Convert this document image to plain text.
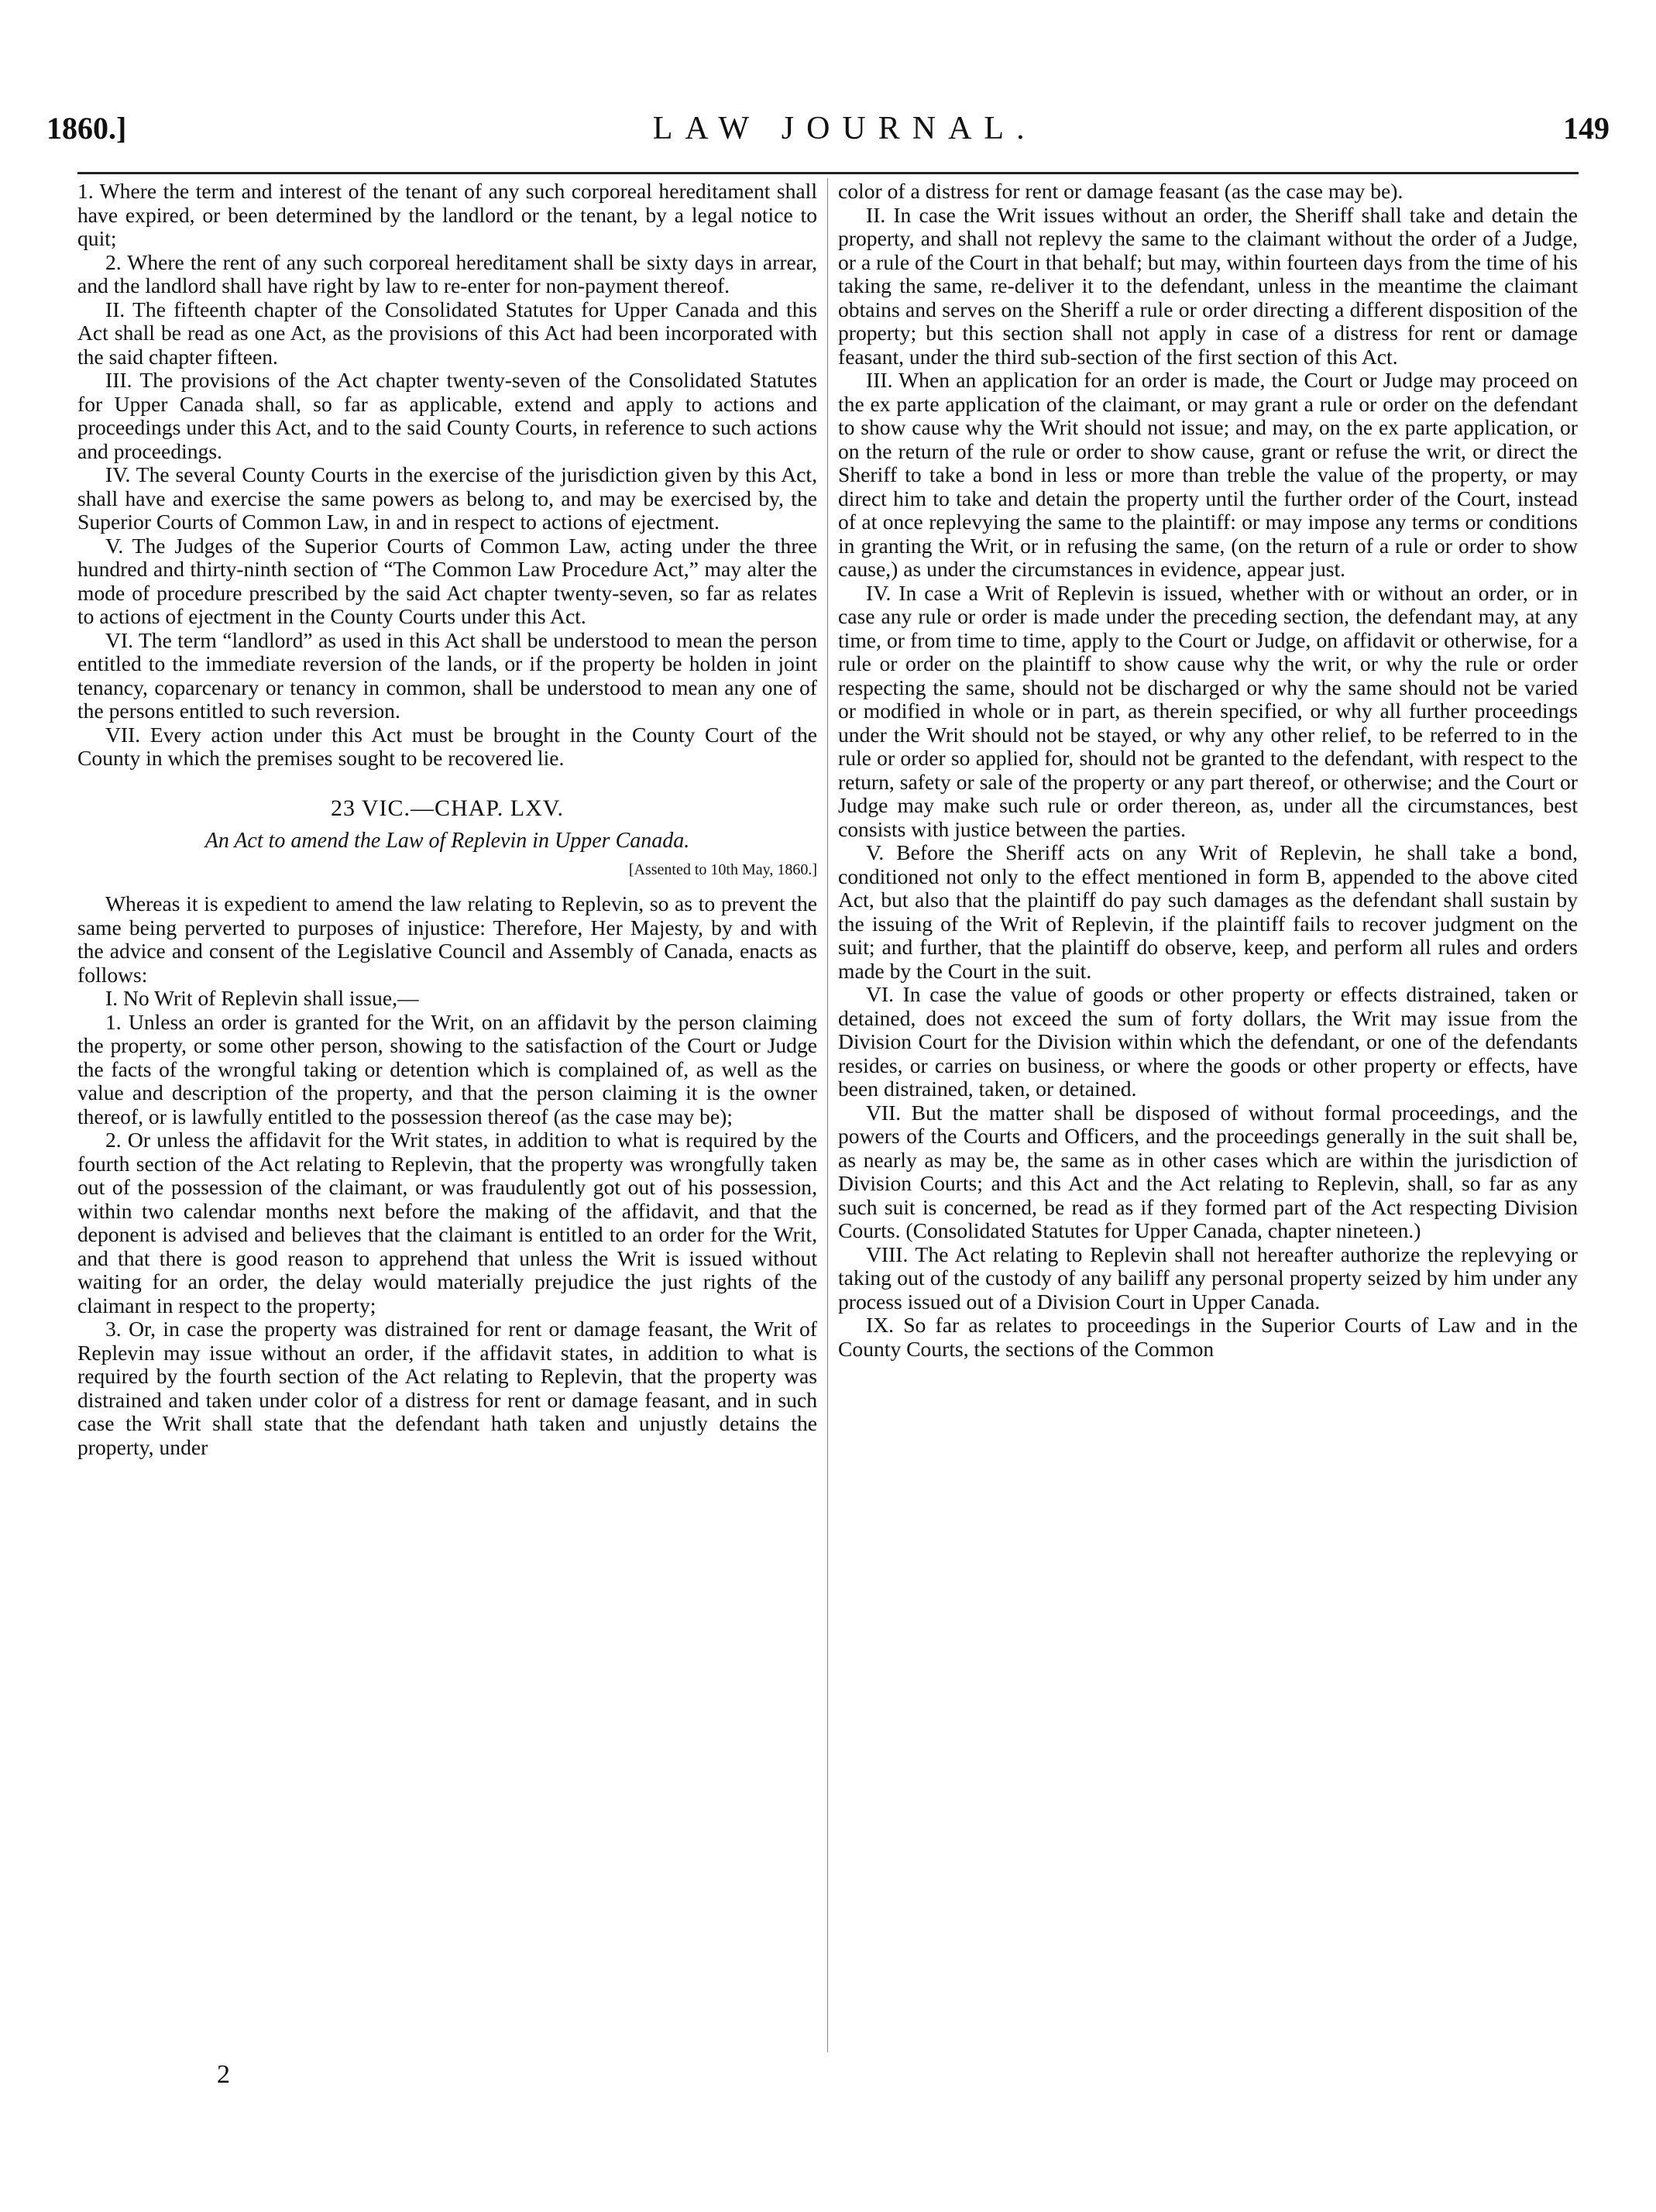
1860.]	LAW JOURNAL.	149

1. Where the term and interest of the tenant of any such corporeal hereditament shall have expired, or been determined by the landlord or the tenant, by a legal notice to quit;

2. Where the rent of any such corporeal hereditament shall be sixty days in arrear, and the landlord shall have right by law to re-enter for non-payment thereof.

II. The fifteenth chapter of the Consolidated Statutes for Upper Canada and this Act shall be read as one Act, as the provisions of this Act had been incorporated with the said chapter fifteen.

III. The provisions of the Act chapter twenty-seven of the Consolidated Statutes for Upper Canada shall, so far as applicable, extend and apply to actions and proceedings under this Act, and to the said County Courts, in reference to such actions and proceedings.

IV. The several County Courts in the exercise of the jurisdiction given by this Act, shall have and exercise the same powers as belong to, and may be exercised by, the Superior Courts of Common Law, in and in respect to actions of ejectment.

V. The Judges of the Superior Courts of Common Law, acting under the three hundred and thirty-ninth section of “The Common Law Procedure Act,” may alter the mode of procedure prescribed by the said Act chapter twenty-seven, so far as relates to actions of ejectment in the County Courts under this Act.

VI. The term “landlord” as used in this Act shall be understood to mean the person entitled to the immediate reversion of the lands, or if the property be holden in joint tenancy, coparcenary or tenancy in common, shall be understood to mean any one of the persons entitled to such reversion.

VII. Every action under this Act must be brought in the County Court of the County in which the premises sought to be recovered lie.

23 VIC.—CHAP. LXV.
An Act to amend the Law of Replevin in Upper Canada.
[Assented to 10th May, 1860.]

Whereas it is expedient to amend the law relating to Replevin, so as to prevent the same being perverted to purposes of injustice: Therefore, Her Majesty, by and with the advice and consent of the Legislative Council and Assembly of Canada, enacts as follows:

I. No Writ of Replevin shall issue,—

1. Unless an order is granted for the Writ, on an affidavit by the person claiming the property, or some other person, showing to the satisfaction of the Court or Judge the facts of the wrongful taking or detention which is complained of, as well as the value and description of the property, and that the person claiming it is the owner thereof, or is lawfully entitled to the possession thereof (as the case may be);

2. Or unless the affidavit for the Writ states, in addition to what is required by the fourth section of the Act relating to Replevin, that the property was wrongfully taken out of the possession of the claimant, or was fraudulently got out of his possession, within two calendar months next before the making of the affidavit, and that the deponent is advised and believes that the claimant is entitled to an order for the Writ, and that there is good reason to apprehend that unless the Writ is issued without waiting for an order, the delay would materially prejudice the just rights of the claimant in respect to the property;

3. Or, in case the property was distrained for rent or damage feasant, the Writ of Replevin may issue without an order, if the affidavit states, in addition to what is required by the fourth section of the Act relating to Replevin, that the property was distrained and taken under color of a distress for rent or damage feasant, and in such case the Writ shall state that the defendant hath taken and unjustly detains the property, under

color of a distress for rent or damage feasant (as the case may be).

II. In case the Writ issues without an order, the Sheriff shall take and detain the property, and shall not replevy the same to the claimant without the order of a Judge, or a rule of the Court in that behalf; but may, within fourteen days from the time of his taking the same, re-deliver it to the defendant, unless in the meantime the claimant obtains and serves on the Sheriff a rule or order directing a different disposition of the property; but this section shall not apply in case of a distress for rent or damage feasant, under the third sub-section of the first section of this Act.

III. When an application for an order is made, the Court or Judge may proceed on the ex parte application of the claimant, or may grant a rule or order on the defendant to show cause why the Writ should not issue; and may, on the ex parte application, or on the return of the rule or order to show cause, grant or refuse the writ, or direct the Sheriff to take a bond in less or more than treble the value of the property, or may direct him to take and detain the property until the further order of the Court, instead of at once replevying the same to the plaintiff: or may impose any terms or conditions in granting the Writ, or in refusing the same, (on the return of a rule or order to show cause,) as under the circumstances in evidence, appear just.

IV. In case a Writ of Replevin is issued, whether with or without an order, or in case any rule or order is made under the preceding section, the defendant may, at any time, or from time to time, apply to the Court or Judge, on affidavit or otherwise, for a rule or order on the plaintiff to show cause why the writ, or why the rule or order respecting the same, should not be discharged or why the same should not be varied or modified in whole or in part, as therein specified, or why all further proceedings under the Writ should not be stayed, or why any other relief, to be referred to in the rule or order so applied for, should not be granted to the defendant, with respect to the return, safety or sale of the property or any part thereof, or otherwise; and the Court or Judge may make such rule or order thereon, as, under all the circumstances, best consists with justice between the parties.

V. Before the Sheriff acts on any Writ of Replevin, he shall take a bond, conditioned not only to the effect mentioned in form B, appended to the above cited Act, but also that the plaintiff do pay such damages as the defendant shall sustain by the issuing of the Writ of Replevin, if the plaintiff fails to recover judgment on the suit; and further, that the plaintiff do observe, keep, and perform all rules and orders made by the Court in the suit.

VI. In case the value of goods or other property or effects distrained, taken or detained, does not exceed the sum of forty dollars, the Writ may issue from the Division Court for the Division within which the defendant, or one of the defendants resides, or carries on business, or where the goods or other property or effects, have been distrained, taken, or detained.

VII. But the matter shall be disposed of without formal proceedings, and the powers of the Courts and Officers, and the proceedings generally in the suit shall be, as nearly as may be, the same as in other cases which are within the jurisdiction of Division Courts; and this Act and the Act relating to Replevin, shall, so far as any such suit is concerned, be read as if they formed part of the Act respecting Division Courts. (Consolidated Statutes for Upper Canada, chapter nineteen.)

VIII. The Act relating to Replevin shall not hereafter authorize the replevying or taking out of the custody of any bailiff any personal property seized by him under any process issued out of a Division Court in Upper Canada.

IX. So far as relates to proceedings in the Superior Courts of Law and in the County Courts, the sections of the Common

2
